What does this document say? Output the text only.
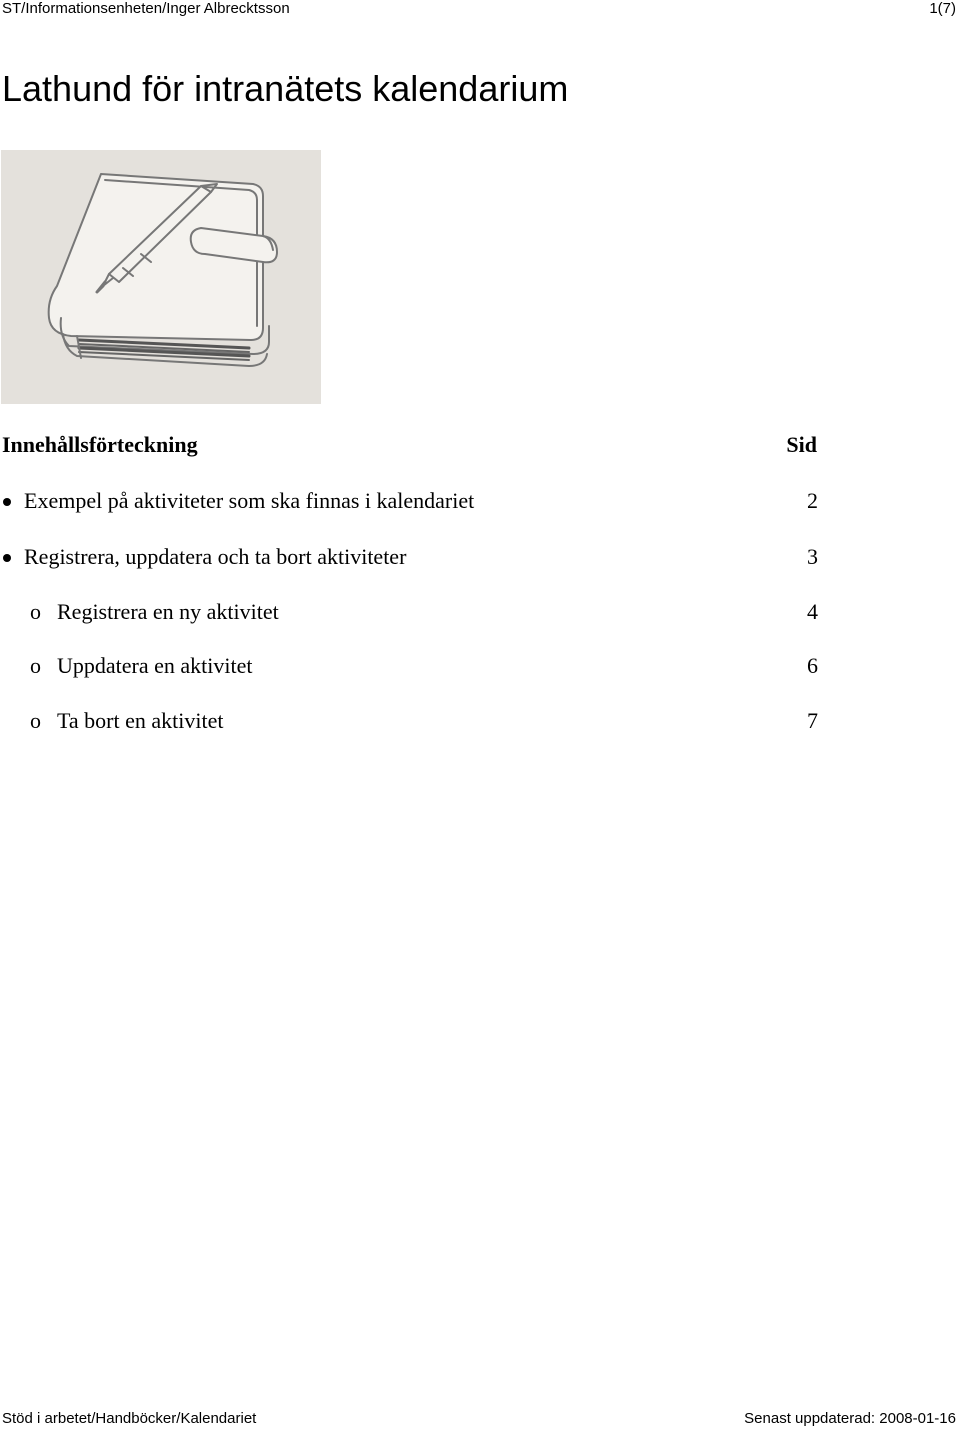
ST/Informationsenheten/Inger Albrecktsson	1(7)
Lathund för intranätets kalendarium
Innehållsförteckning	Sid
Exempel på aktiviteter som ska finnas i kalendariet	2
Registrera, uppdatera och ta bort aktiviteter	3
o Registrera en ny aktivitet	4
o Uppdatera en aktivitet	6
o Ta bort en aktivitet	7
Stöd i arbetet/Handböcker/Kalendariet	Senast uppdaterad: 2008-01-16
